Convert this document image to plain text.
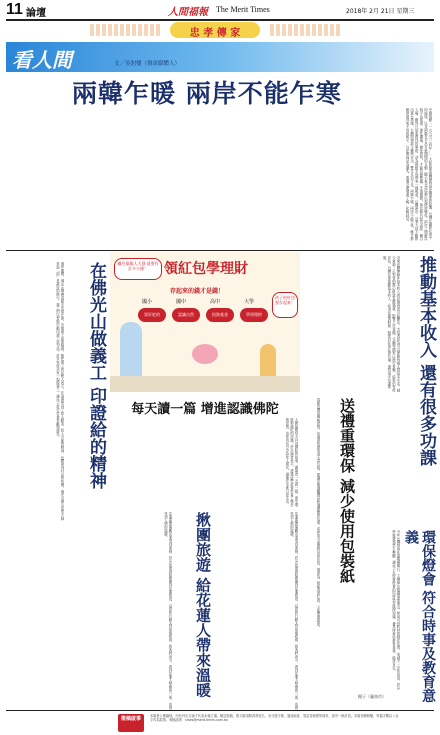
11 論壇	人間福報 The Merit Times	2018年 2月 21日 星期三
忠 孝 傳 家
看人間	文／吳釗燮（資深媒體人）
兩韓乍暖 兩岸不能乍寒
中國推動「一九九五 〇四年…」 大陸政策的轉變對兩岸關係的影響，台灣在國際社會中的處境，以及兩韓在平昌冬奧期間的互動，顯示東北亞局勢出現微妙變化。兩岸之間應以和平為前提，理性溝通，避免誤判，才能共創雙贏。冬奧期間，南北韓共組代表隊、聯合入場，雖然只是象徵性的舉措，卻為朝鮮半島帶來一絲暖意。反觀兩岸，近來大陸不斷推出惠台措施，台灣則強調主權與安全，雙方互信不足。兩韓乍暖，兩岸不能乍寒，雙方都應珍惜得來不易的和平，以民眾福祉為優先，透過交流增進了解，化解歧見。
過年期間，佛光山舉辦春節平安燈法會，各地義工前來服務。擔任義工的年輕人表示，在這裡學到了給人歡喜、給人方便的精神，也體會到付出的快樂。佛光山開山星雲大師常說「給」是最好的修行，義工們以實際行動印證了這句話。許多家庭全家一起做義工，讓孩子從小學會奉獻與感恩。	在佛光山做義工 印證給的精神	領紅包學理財
攝兒童親人大發 就要有計多小錢！
孩子的紅包要存起來！
存起來的錢才是錢！
國小	國中	高中	大學
買好吃的	認識自然	投資基金	學習理財
每天讀一篇 增進認識佛陀
人間福報每天刊登佛陀的故事，讓讀者一天讀一篇，逐步增進對佛陀的認識。許多讀者表示，透過這些故事學會了慈悲與智慧，也把內容分享給家人朋友，讓佛法走進日常生活。
花蓮地震後觀光業受到重創，許多民眾發起揪團到花蓮旅遊，以實際行動支持當地經濟。旅客們表示，看到花蓮人堅強的一面，也感受到人情的溫暖。	揪團旅遊 給花蓮人帶來溫暖	花蓮地震後觀光業受到重創，許多民眾發起揪團到花蓮旅遊，以實際行動支持當地經濟。旅客們表示，看到花蓮人堅強的一面，也感受到人情的溫暖。	春節送禮是傳統習俗，但過度包裝造成大量垃圾。建議民眾選購禮品時選擇簡單包裝，或使用可重複利用的布包、環保袋，既能表達心意，又能愛護地球。	送禮重環保 減少使用包裝紙
近來有關無條件基本收入的討論再度引起關注。支持者認為可以保障每個人的基本生活，減少貧窮；反對者則擔心財政負擔過重，影響工作意願。芬蘭等國家已進行實驗，結果仍有待評估。台灣若要推動基本收入，必須先釐清財源、制度設計與社會共識，還有很多功課要做。	推動基本收入 還有很多功課
今年台灣燈會在嘉義縣舉行，主辦單位強調環保理念，使用可回收材質製作花燈，並減少一次性用品。許多學校帶領學生參觀，讓孩子在欣賞燈會的同時學習環保知識，兼具時事與教育意義，值得肯定。	環保燈會 符合時事及教育意義
楊子（臺南市）
徵稿啟事	本版是公眾園地，所有刊出言論不代表本報立場。歡迎投稿，惟文稿須附真實姓名、身分證字號、通訊地址、電話及帳號等資料，請勿一稿多投。本版有刪修權，每篇字數以八百字內為原則。來稿請寄：news@merit-times.com.tw
